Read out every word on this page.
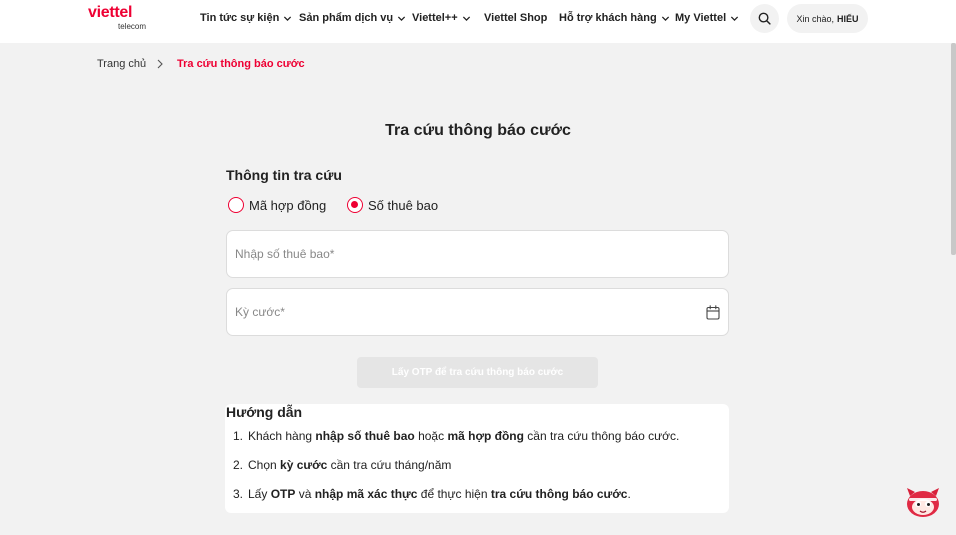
viettel
telecom
Tin tức sự kiện Sản phẩm dịch vụ Viettel++ Viettel Shop Hỗ trợ khách hàng My Viettel	Xin chào, HIẾU
Trang chủ	Tra cứu thông báo cước
Tra cứu thông báo cước
Thông tin tra cứu
Mã hợp đồng	Số thuê bao
Nhập số thuê bao*
Kỳ cước*
Lấy OTP để tra cứu thông báo cước
Hướng dẫn
1. Khách hàng nhập số thuê bao hoặc mã hợp đồng cần tra cứu thông báo cước.
2. Chọn kỳ cước cần tra cứu tháng/năm
3. Lấy OTP và nhập mã xác thực để thực hiện tra cứu thông báo cước.
